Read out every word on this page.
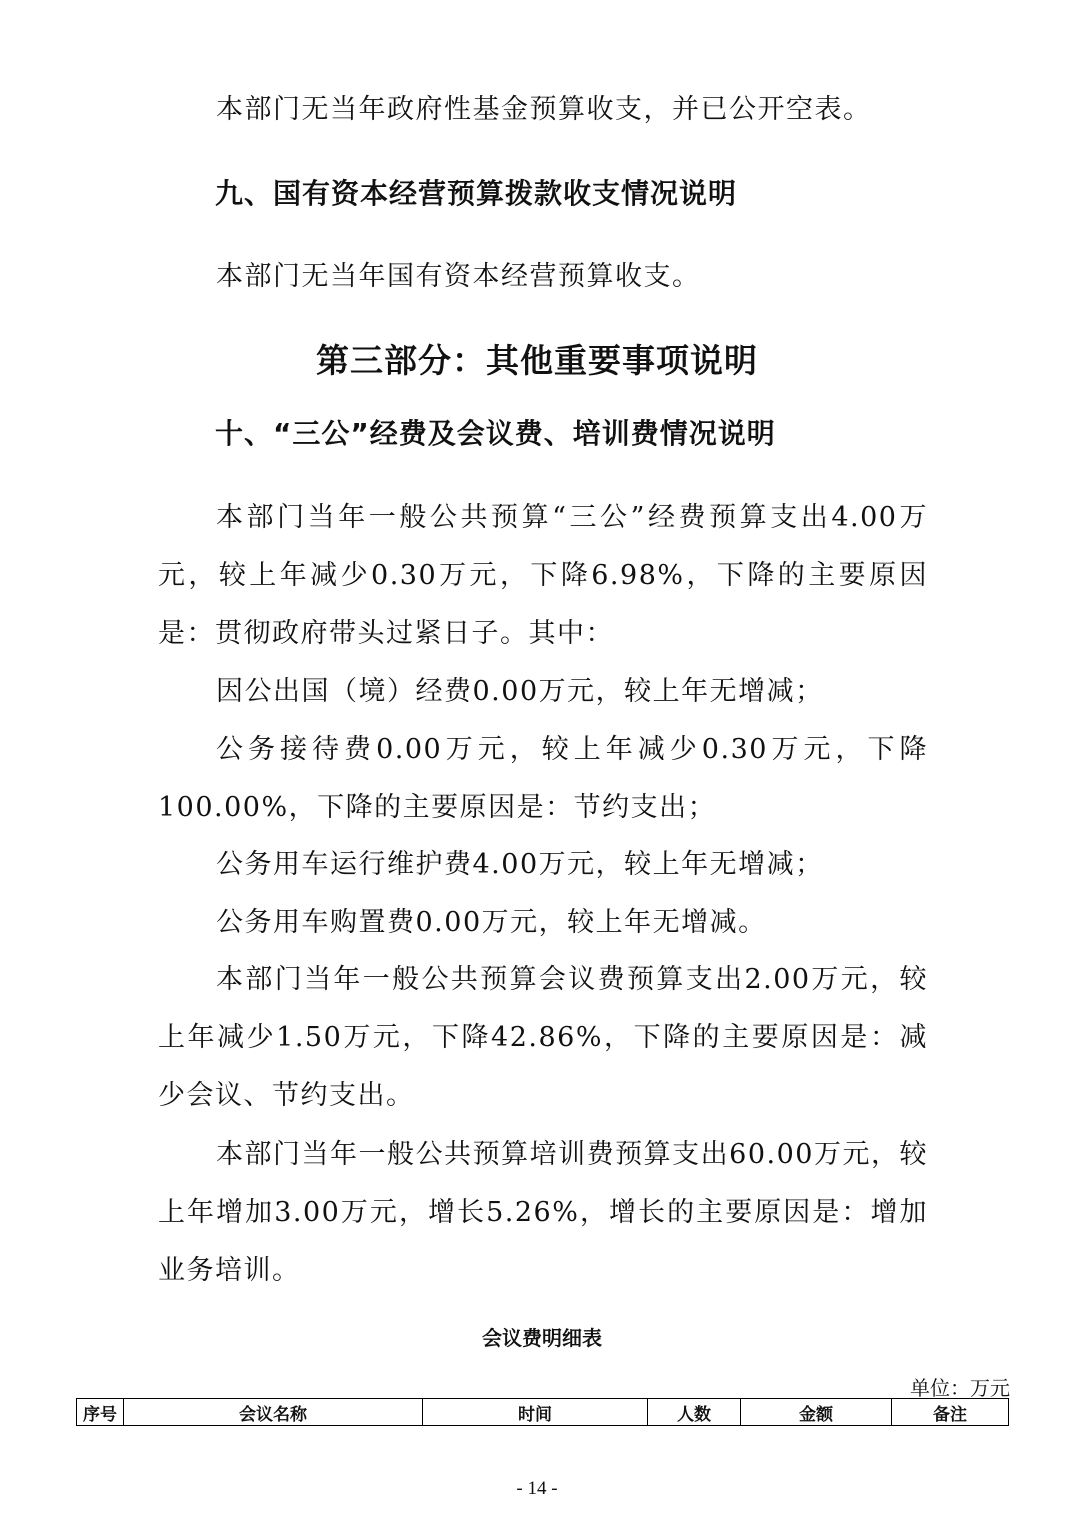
本部门无当年政府性基金预算收支，并已公开空表。

九、国有资本经营预算拨款收支情况说明

本部门无当年国有资本经营预算收支。

第三部分：其他重要事项说明
十、“三公”经费及会议费、培训费情况说明

本部门当年一般公共预算“三公”经费预算支出4.00万元，较上年减少0.30万元，下降6.98%，下降的主要原因是：贯彻政府带头过紧日子。其中：

因公出国（境）经费0.00万元，较上年无增减；

公务接待费0.00万元，较上年减少0.30万元，下降100.00%，下降的主要原因是：节约支出；

公务用车运行维护费4.00万元，较上年无增减；

公务用车购置费0.00万元，较上年无增减。

本部门当年一般公共预算会议费预算支出2.00万元，较上年减少1.50万元，下降42.86%，下降的主要原因是：减少会议、节约支出。

本部门当年一般公共预算培训费预算支出60.00万元，较上年增加3.00万元，增长5.26%，增长的主要原因是：增加业务培训。

会议费明细表
单位：万元
序号	会议名称	时间	人数	金额	备注
- 14 -
